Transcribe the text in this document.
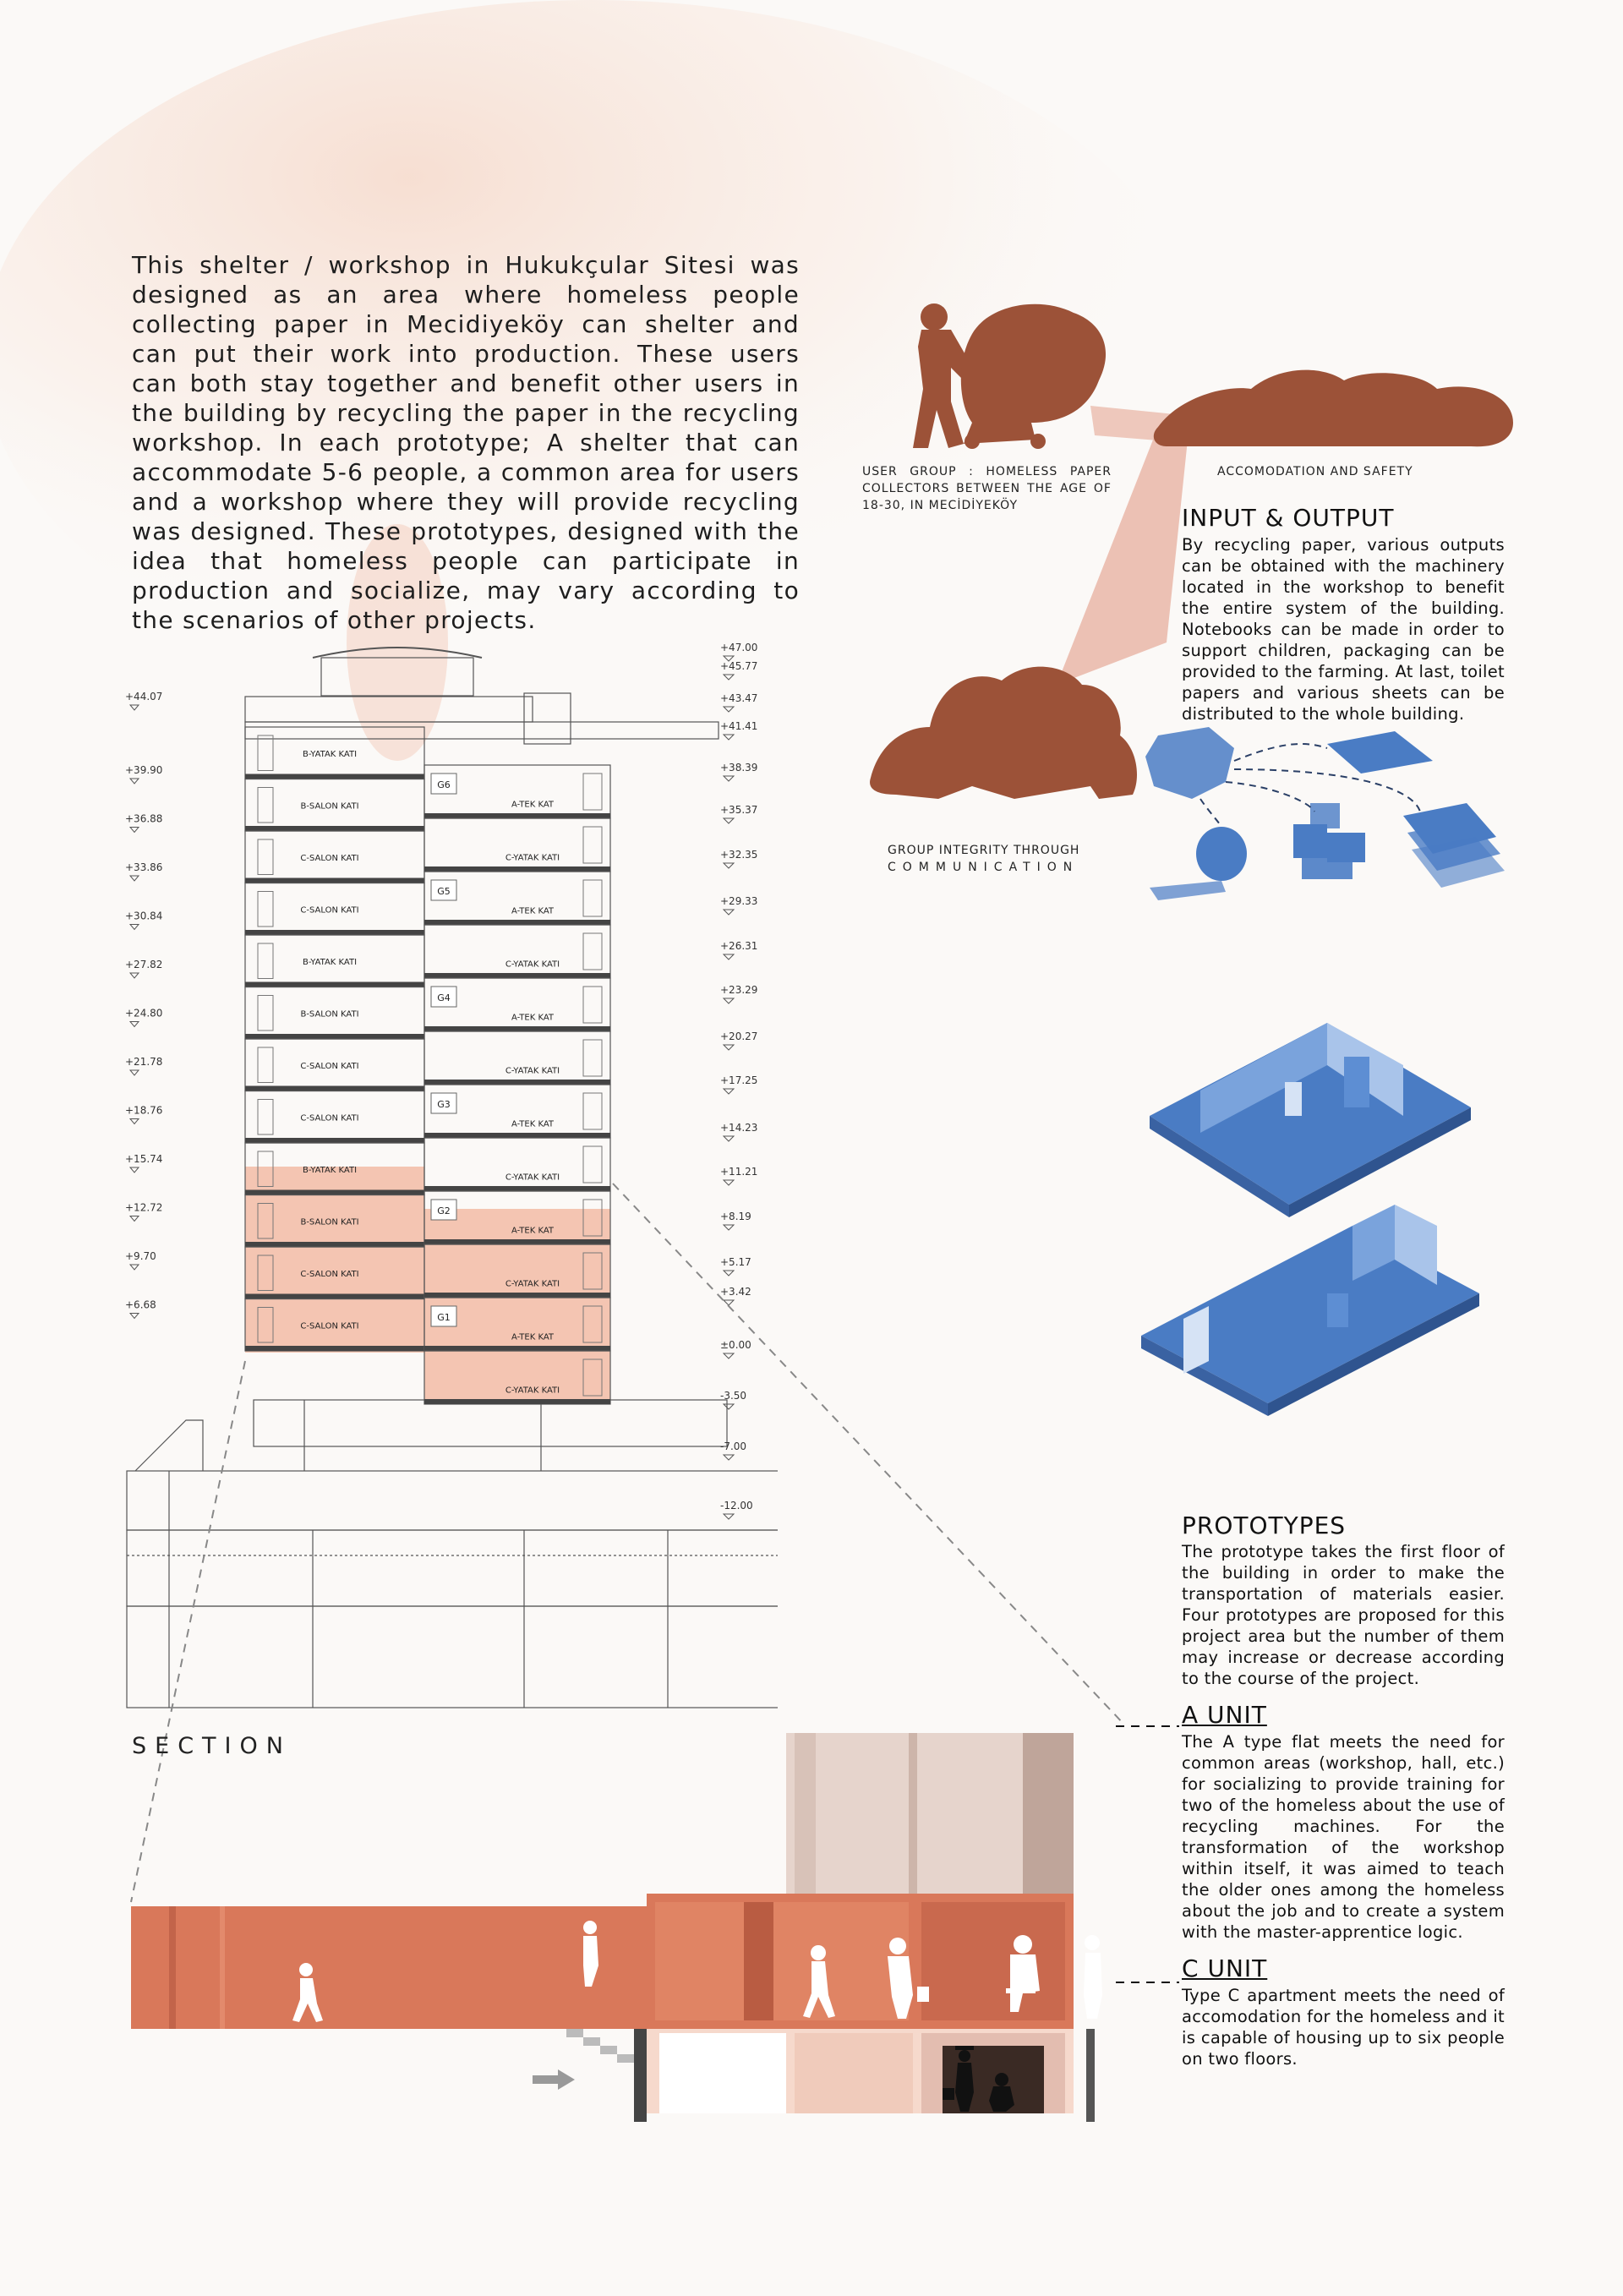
This shelter / workshop in Hukukçular Sitesi was designed as an area where homeless people collecting paper in Mecidiyeköy can shelter and can put their work into production. These users can both stay together and benefit other users in the building by recycling the paper in the recycling workshop. In each prototype; A shelter that can accommodate 5-6 people, a common area for users and a workshop where they will provide recycling was designed. These prototypes, designed with the idea that homeless people can participate in production and socialize, may vary according to the scenarios of other projects.
USER GROUP : HOMELESS PAPER COLLECTORS BETWEEN THE AGE OF 18-30, IN MECİDİYEKÖY
ACCOMODATION AND SAFETY
GROUP INTEGRITY THROUGH
COMMUNICATION
INPUT & OUTPUT
By recycling paper, various outputs can be obtained with the machinery located in the workshop to benefit the entire system of the building. Notebooks can be made in order to support children, packaging can be provided to the farming. At last, toilet papers and various sheets can be distributed to the whole building.
PROTOTYPES
The prototype takes the first floor of the building in order to make the transportation of materials easier. Four prototypes are proposed for this project area but the number of them may increase or decrease according to the course of the project.
A UNIT
The A type flat meets the need for common areas (workshop, hall, etc.) for socializing to provide training for two of the homeless about the use of recycling machines. For the transformation of the workshop within itself, it was aimed to teach the older ones among the homeless about the job and to create a system with the master-apprentice logic.
C UNIT
Type C apartment meets the need of accomodation for the homeless and it is capable of housing up to six people on two floors.
B-YATAK KATI
B-SALON KATI
C-SALON KATI
C-SALON KATI
B-YATAK KATI
B-SALON KATI
C-SALON KATI
C-SALON KATI
B-YATAK KATI
B-SALON KATI
C-SALON KATI
C-SALON KATI
A-TEK KAT
C-YATAK KATI
A-TEK KAT
C-YATAK KATI
A-TEK KAT
C-YATAK KATI
A-TEK KAT
C-YATAK KATI
A-TEK KAT
C-YATAK KATI
A-TEK KAT
C-YATAK KATI
G6
G5
G4
G3
G2
G1
+44.07
+39.90
+36.88
+33.86
+30.84
+27.82
+24.80
+21.78
+18.76
+15.74
+12.72
+9.70
+6.68
+47.00
+45.77
+43.47
+41.41
+38.39
+35.37
+32.35
+29.33
+26.31
+23.29
+20.27
+17.25
+14.23
+11.21
+8.19
+5.17
+3.42
±0.00
-3.50
-7.00
-12.00
SECTION
